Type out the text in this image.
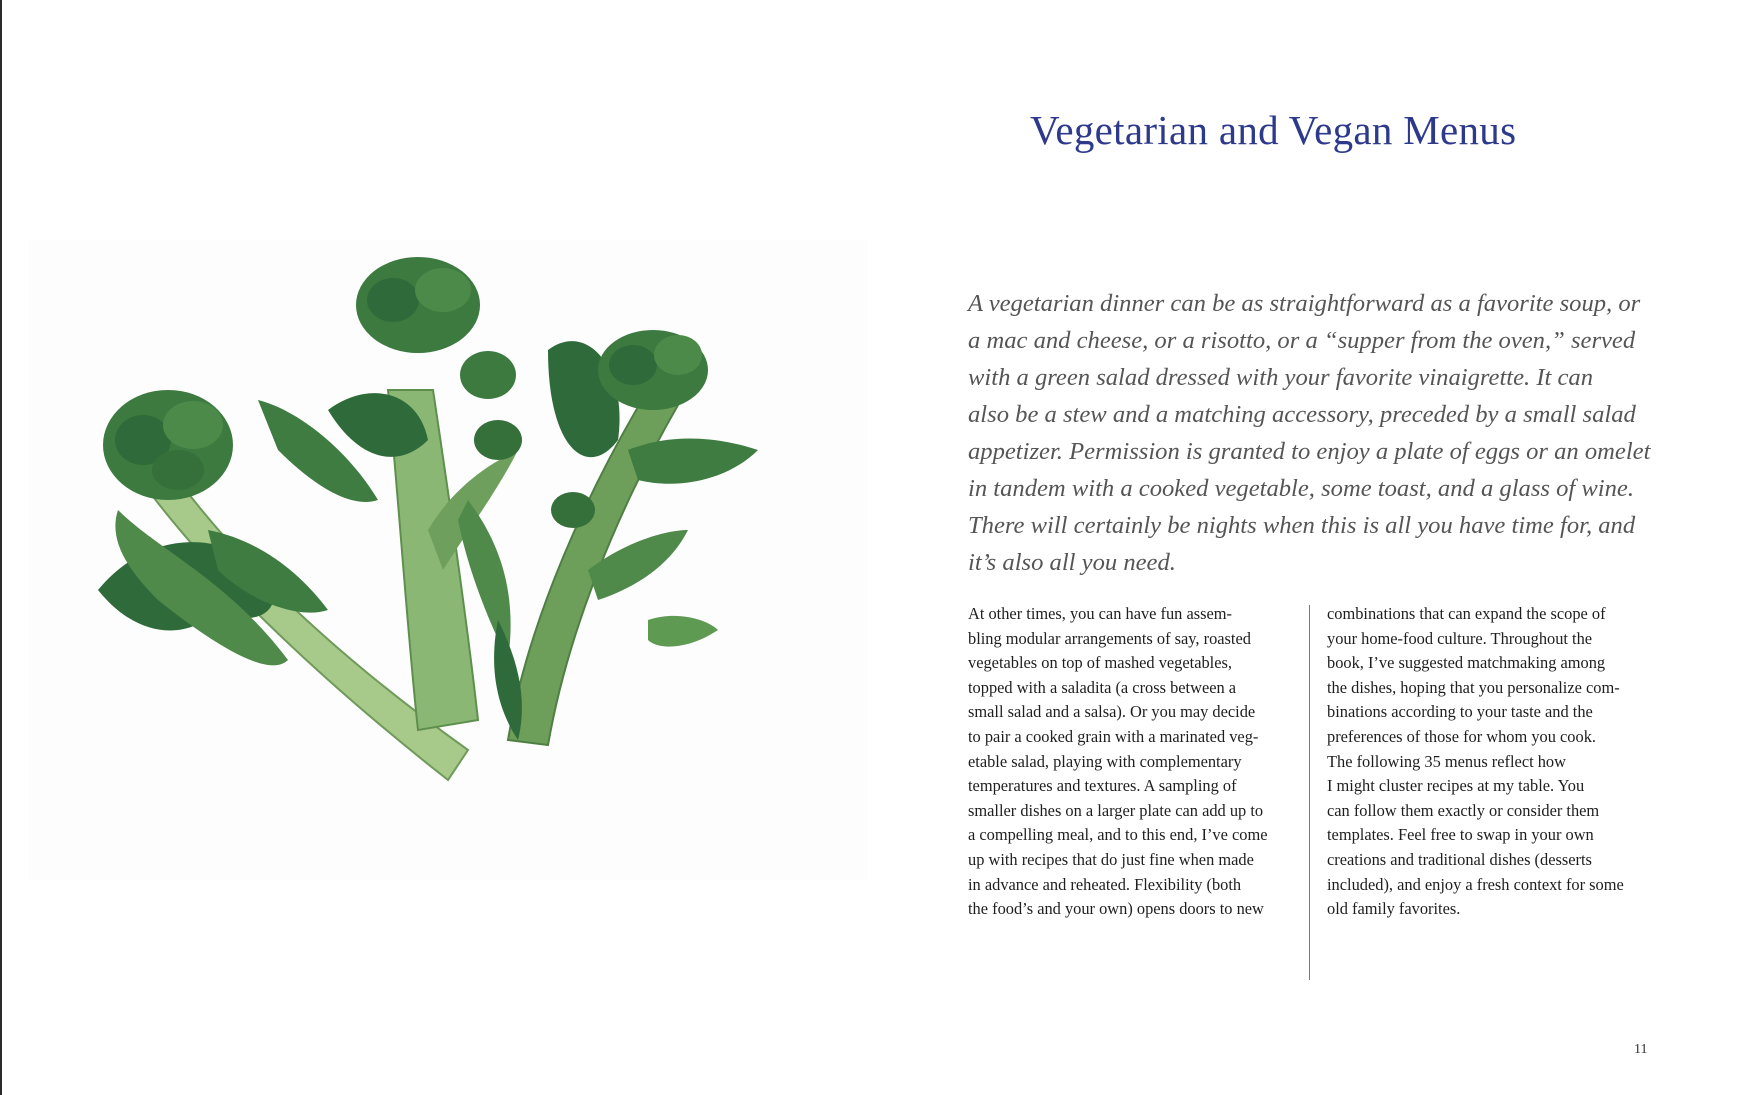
Vegetarian and Vegan Menus

A vegetarian dinner can be as straightforward as a favorite soup, or
a mac and cheese, or a risotto, or a “supper from the oven,” served
with a green salad dressed with your favorite vinaigrette. It can
also be a stew and a matching accessory, preceded by a small salad
appetizer. Permission is granted to enjoy a plate of eggs or an omelet
in tandem with a cooked vegetable, some toast, and a glass of wine.
There will certainly be nights when this is all you have time for, and
it’s also all you need.

At other times, you can have fun assem-
bling modular arrangements of say, roasted
vegetables on top of mashed vegetables,
topped with a saladita (a cross between a
small salad and a salsa). Or you may decide
to pair a cooked grain with a marinated veg-
etable salad, playing with complementary
temperatures and textures. A sampling of
smaller dishes on a larger plate can add up to
a compelling meal, and to this end, I’ve come
up with recipes that do just fine when made
in advance and reheated. Flexibility (both
the food’s and your own) opens doors to new
combinations that can expand the scope of
your home-food culture. Throughout the
book, I’ve suggested matchmaking among
the dishes, hoping that you personalize com-
binations according to your taste and the
preferences of those for whom you cook.
The following 35 menus reflect how
I might cluster recipes at my table. You
can follow them exactly or consider them
templates. Feel free to swap in your own
creations and traditional dishes (desserts
included), and enjoy a fresh context for some
old family favorites.
11
